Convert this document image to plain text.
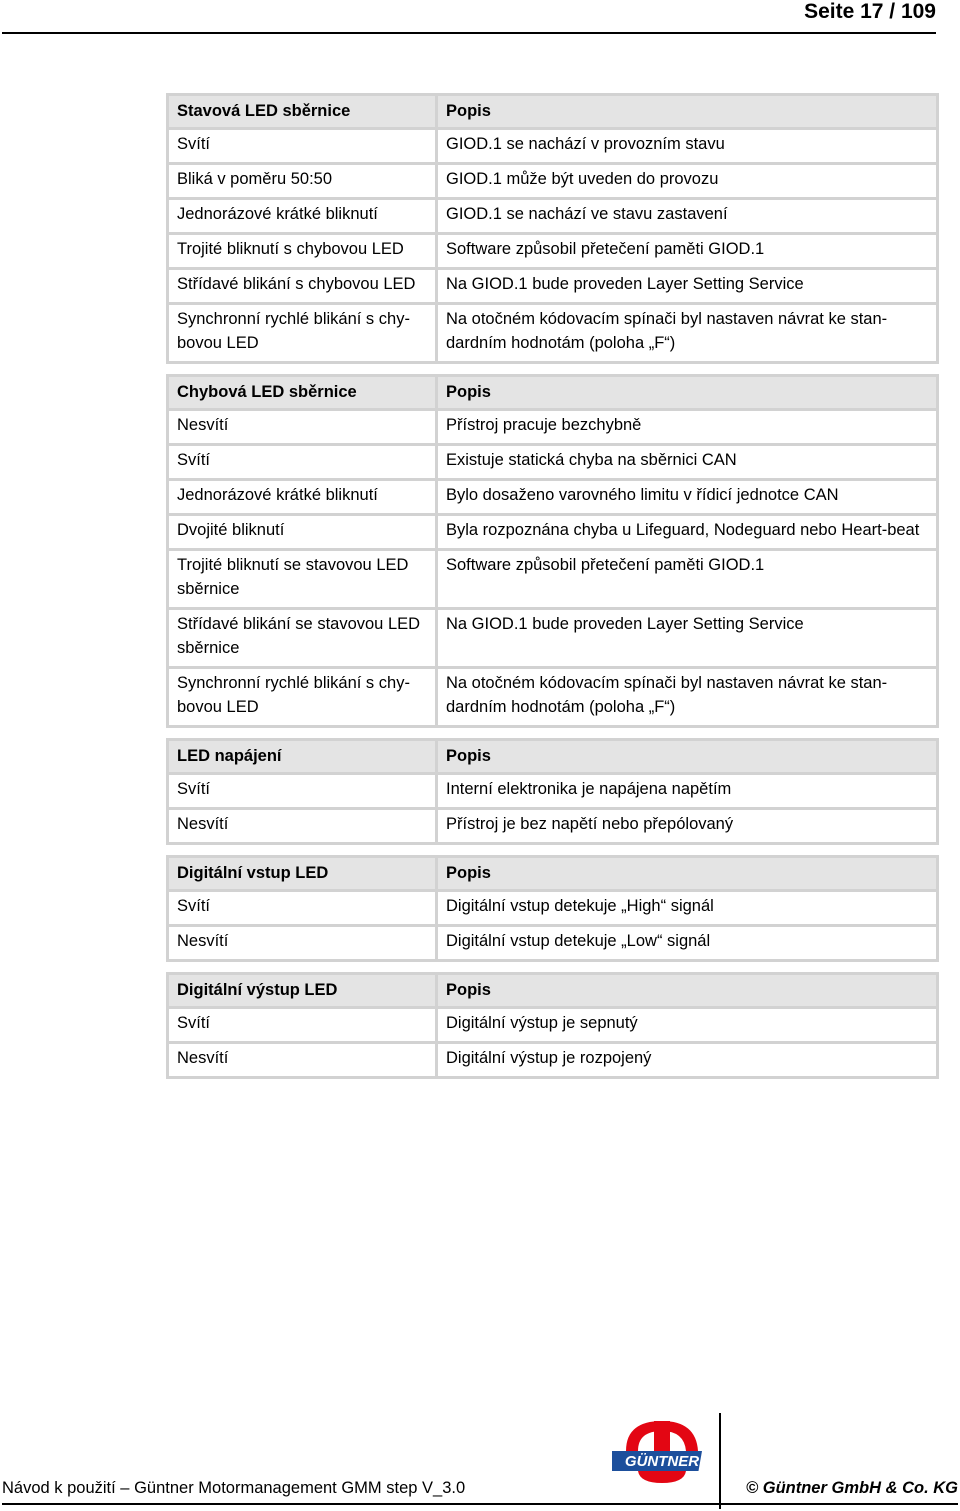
Seite 17 / 109
Stavová LED sběrnice	Popis
Svítí	GIOD.1 se nachází v provozním stavu
Bliká v poměru 50:50	GIOD.1 může být uveden do provozu
Jednorázové krátké bliknutí	GIOD.1 se nachází ve stavu zastavení
Trojité bliknutí s chybovou LED	Software způsobil přetečení paměti GIOD.1
Střídavé blikání s chybovou LED	Na GIOD.1 bude proveden Layer Setting Service
Synchronní rychlé blikání s chy-bovou LED	Na otočném kódovacím spínači byl nastaven návrat ke stan-dardním hodnotám (poloha „F“)
Chybová LED sběrnice	Popis
Nesvítí	Přístroj pracuje bezchybně
Svítí	Existuje statická chyba na sběrnici CAN
Jednorázové krátké bliknutí	Bylo dosaženo varovného limitu v řídicí jednotce CAN
Dvojité bliknutí	Byla rozpoznána chyba u Lifeguard, Nodeguard nebo Heart-beat
Trojité bliknutí se stavovou LED sběrnice	Software způsobil přetečení paměti GIOD.1
Střídavé blikání se stavovou LED sběrnice	Na GIOD.1 bude proveden Layer Setting Service
Synchronní rychlé blikání s chy-bovou LED	Na otočném kódovacím spínači byl nastaven návrat ke stan-dardním hodnotám (poloha „F“)
LED napájení	Popis
Svítí	Interní elektronika je napájena napětím
Nesvítí	Přístroj je bez napětí nebo přepólovaný
Digitální vstup LED	Popis
Svítí	Digitální vstup detekuje „High“ signál
Nesvítí	Digitální vstup detekuje „Low“ signál
Digitální výstup LED	Popis
Svítí	Digitální výstup je sepnutý
Nesvítí	Digitální výstup je rozpojený
GÜNTNER
Návod k použití – Güntner Motormanagement GMM step V_3.0	© Güntner GmbH & Co. KG
